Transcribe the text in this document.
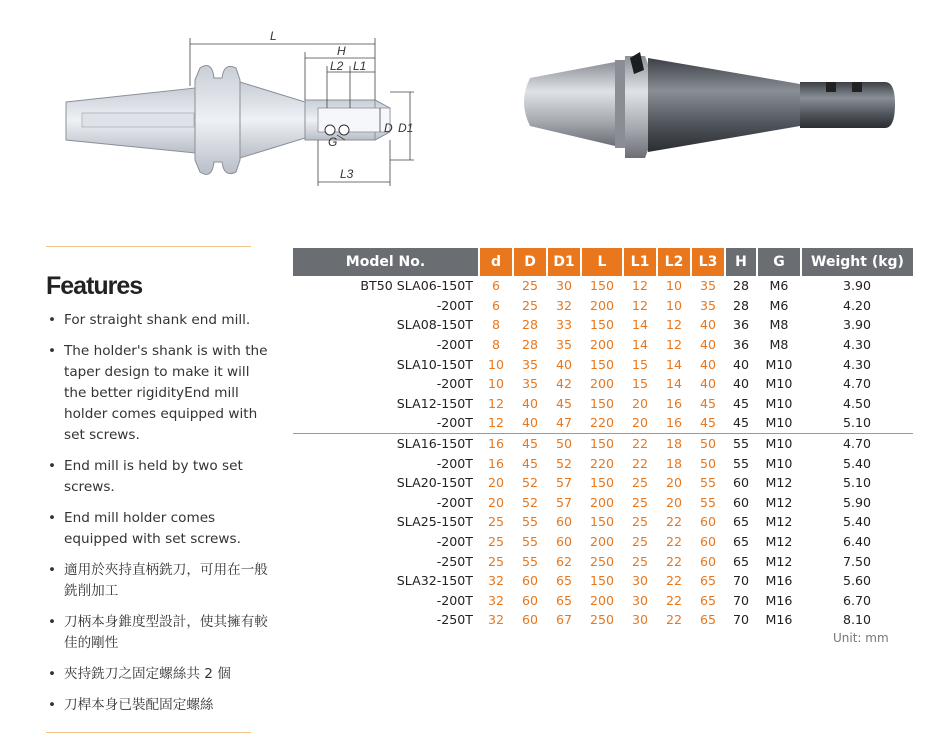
L
H
L2 L1
D D1
G
L3
Features
• For straight shank end mill.
• The holder's shank is with the taper design to make it will the better rigidityEnd mill holder comes equipped with set screws.
• End mill is held by two set screws.
• End mill holder comes equipped with set screws.
• 適用於夾持直柄銑刀，可用在一般銑削加工
• 刀柄本身錐度型設計，使其擁有較佳的剛性
• 夾持銑刀之固定螺絲共 2 個
• 刀桿本身已裝配固定螺絲
Model No.	d	D	D1	L	L1	L2	L3	H	G	Weight (kg)
BT50 SLA06-150T	6	25	30	150	12	10	35	28	M6	3.90
-200T	6	25	32	200	12	10	35	28	M6	4.20
SLA08-150T	8	28	33	150	14	12	40	36	M8	3.90
-200T	8	28	35	200	14	12	40	36	M8	4.30
SLA10-150T	10	35	40	150	15	14	40	40	M10	4.30
-200T	10	35	42	200	15	14	40	40	M10	4.70
SLA12-150T	12	40	45	150	20	16	45	45	M10	4.50
-200T	12	40	47	220	20	16	45	45	M10	5.10
SLA16-150T	16	45	50	150	22	18	50	55	M10	4.70
-200T	16	45	52	220	22	18	50	55	M10	5.40
SLA20-150T	20	52	57	150	25	20	55	60	M12	5.10
-200T	20	52	57	200	25	20	55	60	M12	5.90
SLA25-150T	25	55	60	150	25	22	60	65	M12	5.40
-200T	25	55	60	200	25	22	60	65	M12	6.40
-250T	25	55	62	250	25	22	60	65	M12	7.50
SLA32-150T	32	60	65	150	30	22	65	70	M16	5.60
-200T	32	60	65	200	30	22	65	70	M16	6.70
-250T	32	60	67	250	30	22	65	70	M16	8.10
Unit: mm
